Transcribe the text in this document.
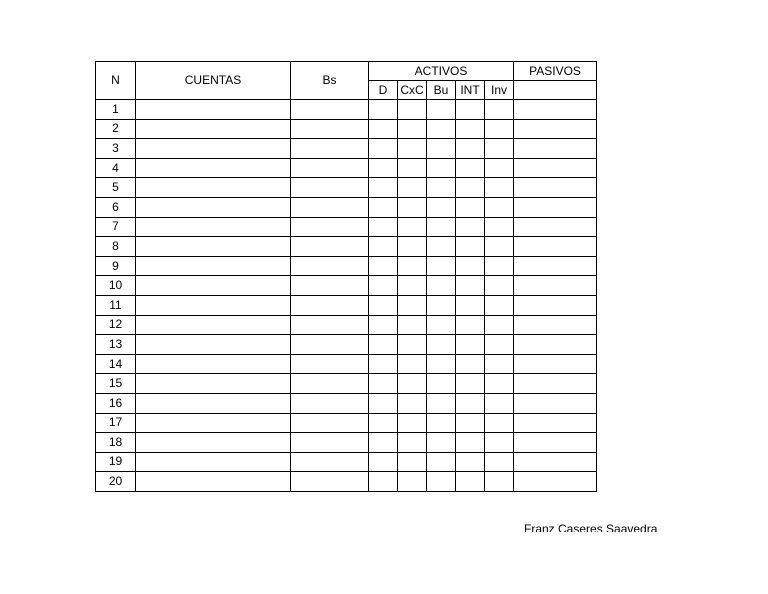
N	CUENTAS	Bs	ACTIVOS					PASIVOS
			D	CxC	Bu	INT	Inv	
1								
2								
3								
4								
5								
6								
7								
8								
9								
10								
11								
12								
13								
14								
15								
16								
17								
18								
19								
20								
Franz Caseres Saavedra
